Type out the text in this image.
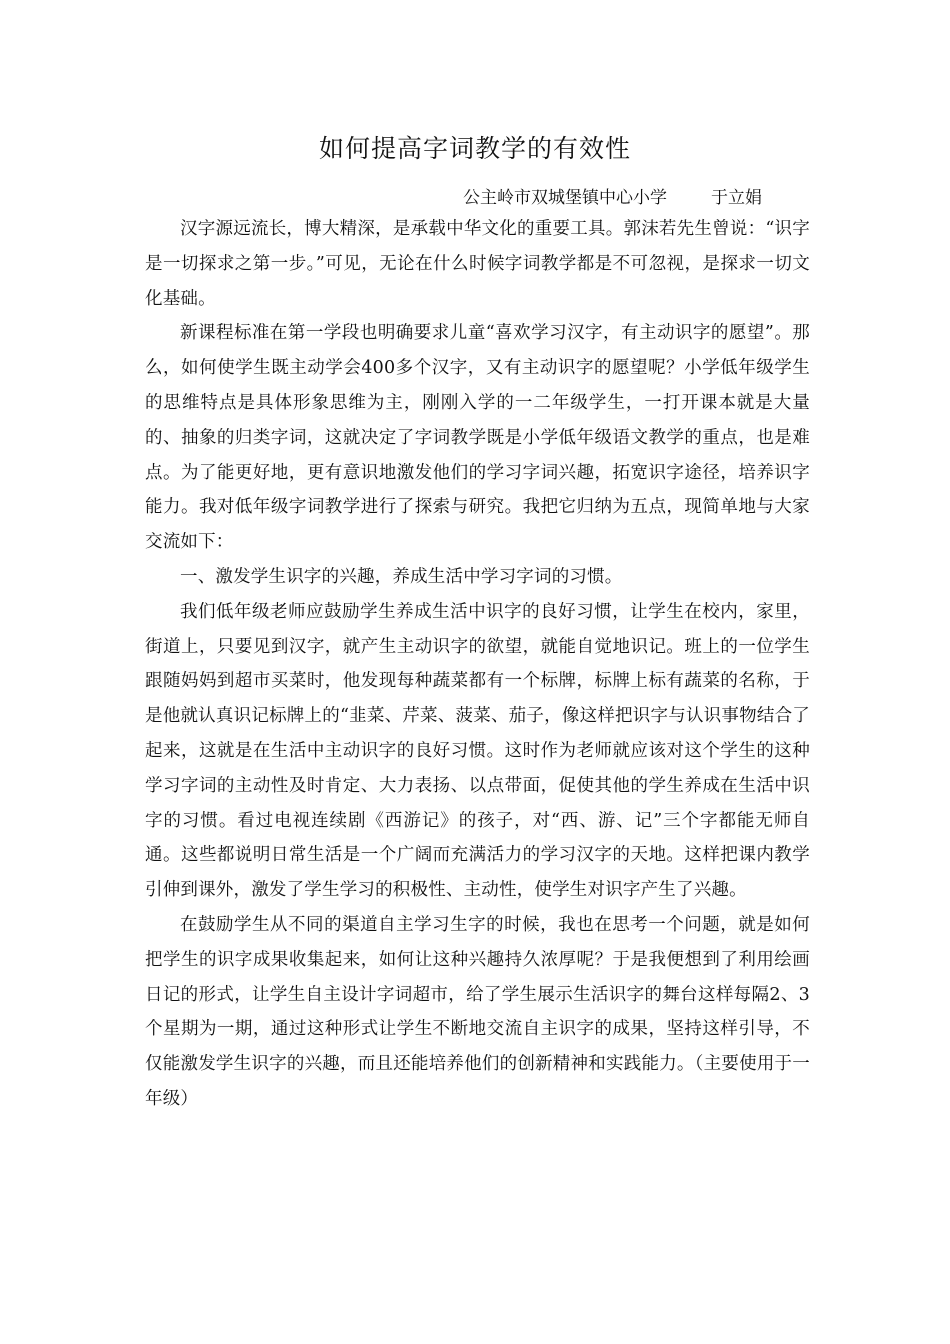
如何提高字词教学的有效性
公主岭市双城堡镇中心小学	于立娟

汉字源远流长，博大精深，是承载中华文化的重要工具。郭沫若先生曾说：“识字是一切探求之第一步。”可见，无论在什么时候字词教学都是不可忽视，是探求一切文化基础。

新课程标准在第一学段也明确要求儿童“喜欢学习汉字，有主动识字的愿望”。那么，如何使学生既主动学会400多个汉字，又有主动识字的愿望呢？小学低年级学生的思维特点是具体形象思维为主，刚刚入学的一二年级学生，一打开课本就是大量的、抽象的归类字词，这就决定了字词教学既是小学低年级语文教学的重点，也是难点。为了能更好地，更有意识地激发他们的学习字词兴趣，拓宽识字途径，培养识字能力。我对低年级字词教学进行了探索与研究。我把它归纳为五点，现简单地与大家交流如下：

一、激发学生识字的兴趣，养成生活中学习字词的习惯。

我们低年级老师应鼓励学生养成生活中识字的良好习惯，让学生在校内，家里，街道上，只要见到汉字，就产生主动识字的欲望，就能自觉地识记。班上的一位学生跟随妈妈到超市买菜时，他发现每种蔬菜都有一个标牌，标牌上标有蔬菜的名称，于是他就认真识记标牌上的“韭菜、芹菜、菠菜、茄子，像这样把识字与认识事物结合了起来，这就是在生活中主动识字的良好习惯。这时作为老师就应该对这个学生的这种学习字词的主动性及时肯定、大力表扬、以点带面，促使其他的学生养成在生活中识字的习惯。看过电视连续剧《西游记》的孩子，对“西、游、记”三个字都能无师自通。这些都说明日常生活是一个广阔而充满活力的学习汉字的天地。这样把课内教学引伸到课外，激发了学生学习的积极性、主动性，使学生对识字产生了兴趣。

在鼓励学生从不同的渠道自主学习生字的时候，我也在思考一个问题，就是如何把学生的识字成果收集起来，如何让这种兴趣持久浓厚呢？于是我便想到了利用绘画日记的形式，让学生自主设计字词超市，给了学生展示生活识字的舞台这样每隔2、3个星期为一期，通过这种形式让学生不断地交流自主识字的成果，坚持这样引导，不仅能激发学生识字的兴趣，而且还能培养他们的创新精神和实践能力。（主要使用于一年级）
